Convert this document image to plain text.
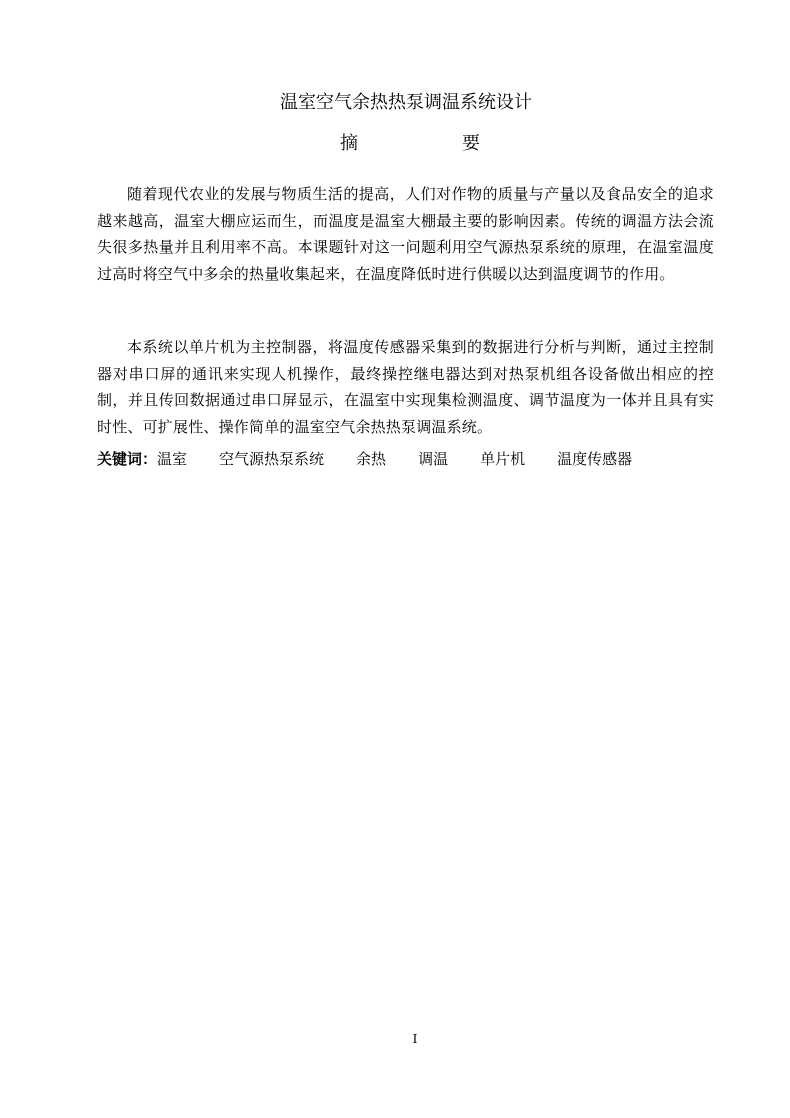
温室空气余热热泵调温系统设计
摘	要

随着现代农业的发展与物质生活的提高，人们对作物的质量与产量以及食品安全的追求越来越高，温室大棚应运而生，而温度是温室大棚最主要的影响因素。传统的调温方法会流失很多热量并且利用率不高。本课题针对这一问题利用空气源热泵系统的原理，在温室温度过高时将空气中多余的热量收集起来，在温度降低时进行供暖以达到温度调节的作用。

本系统以单片机为主控制器，将温度传感器采集到的数据进行分析与判断，通过主控制器对串口屏的通讯来实现人机操作，最终操控继电器达到对热泵机组各设备做出相应的控制，并且传回数据通过串口屏显示，在温室中实现集检测温度、调节温度为一体并且具有实时性、可扩展性、操作简单的温室空气余热热泵调温系统。

关键词：温室 空气源热泵系统 余热 调温 单片机 温度传感器
I
